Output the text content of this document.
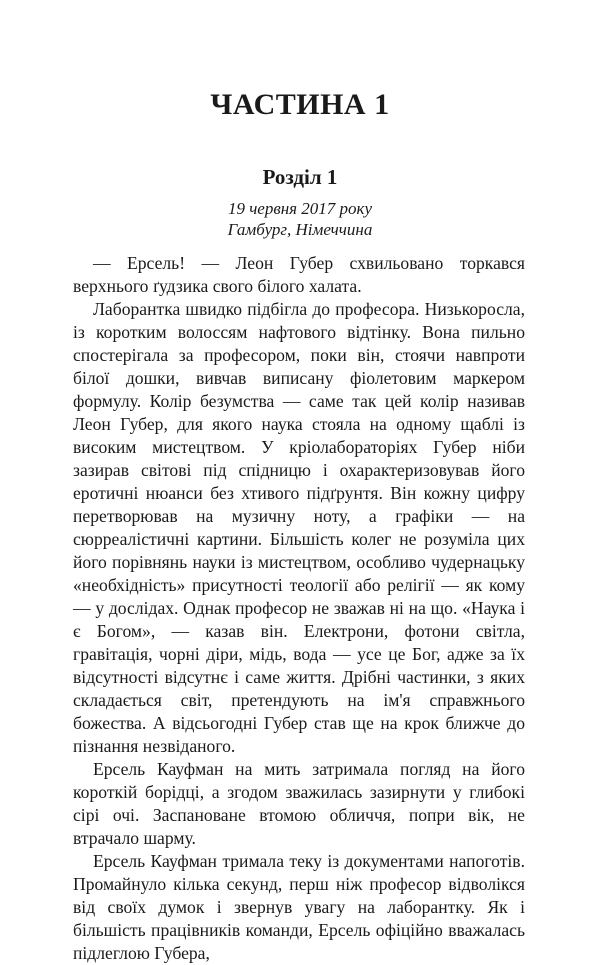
ЧАСТИНА 1
Розділ 1
19 червня 2017 року
Гамбург, Німеччина

— Ерсель! — Леон Губер схвильовано торкався верхнього ґудзика свого білого халата.

Лаборантка швидко підбігла до професора. Низькоросла, із коротким волоссям нафтового відтінку. Вона пильно спостерігала за професором, поки він, стоячи навпроти білої дошки, вивчав виписану фіолетовим маркером формулу. Колір безумства — саме так цей колір називав Леон Губер, для якого наука стояла на одному щаблі із високим мистецтвом. У кріолабораторіях Губер ніби зазирав світові під спідницю і охарактеризовував його еротичні нюанси без хтивого підґрунтя. Він кожну цифру перетворював на музичну ноту, а графіки — на сюрреалістичні картини. Більшість колег не розуміла цих його порівнянь науки із мистецтвом, особливо чудернацьку «необхідність» присутності теології або релігії — як кому — у дослідах. Однак професор не зважав ні на що. «Наука і є Богом», — казав він. Електрони, фотони світла, гравітація, чорні діри, мідь, вода — усе це Бог, адже за їх відсутності відсутнє і саме життя. Дрібні частинки, з яких складається світ, претендують на ім'я справжнього божества. А відсьогодні Губер став ще на крок ближче до пізнання незвіданого.

Ерсель Кауфман на мить затримала погляд на його короткій борідці, а згодом зважилась зазирнути у глибокі сірі очі. Заспановане втомою обличчя, попри вік, не втрачало шарму.

Ерсель Кауфман тримала теку із документами напоготів. Промайнуло кілька секунд, перш ніж професор відволікся від своїх думок і звернув увагу на лаборантку. Як і більшість працівників команди, Ерсель офіційно вважалась підлеглою Губера,
